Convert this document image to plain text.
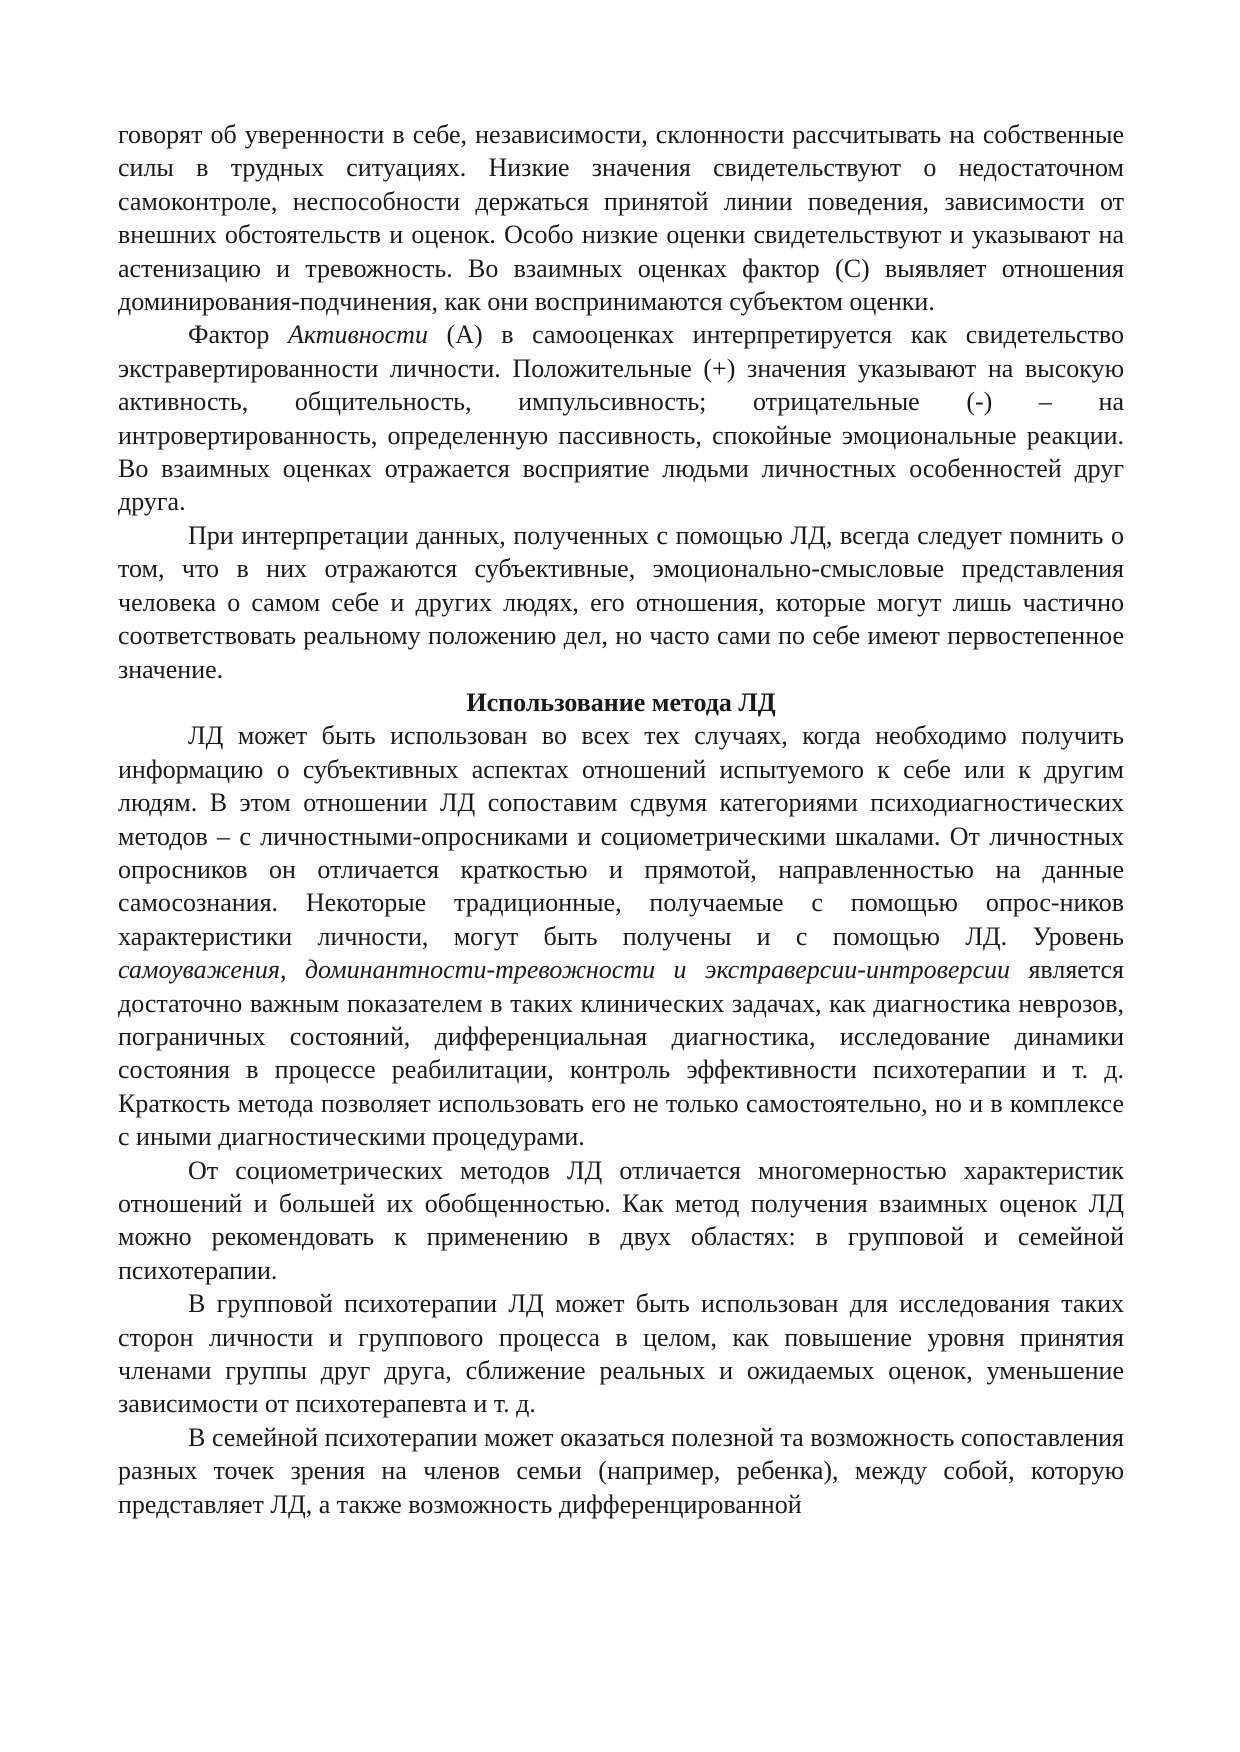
говорят об уверенности в себе, независимости, склонности рассчитывать на собственные силы в трудных ситуациях. Низкие значения свидетельствуют о недостаточном самоконтроле, неспособности держаться принятой линии поведения, зависимости от внешних обстоятельств и оценок. Особо низкие оценки свидетельствуют и указывают на астенизацию и тревожность. Во взаимных оценках фактор (С) выявляет отношения доминирования-подчинения, как они воспринимаются субъектом оценки.

Фактор Активности (А) в самооценках интерпретируется как свидетельство экстравертированности личности. Положительные (+) значения указывают на высокую активность, общительность, импульсивность; отрицательные (-) – на интровертированность, определенную пассивность, спокойные эмоциональные реакции. Во взаимных оценках отражается восприятие людьми личностных особенностей друг друга.

При интерпретации данных, полученных с помощью ЛД, всегда следует помнить о том, что в них отражаются субъективные, эмоционально-смысловые представления человека о самом себе и других людях, его отношения, которые могут лишь частично соответствовать реальному положению дел, но часто сами по себе имеют первостепенное значение.

Использование метода ЛД

ЛД может быть использован во всех тех случаях, когда необходимо получить информацию о субъективных аспектах отношений испытуемого к себе или к другим людям. В этом отношении ЛД сопоставим сдвумя категориями психодиагностических методов – с личностными-опросниками и социометрическими шкалами. От личностных опросников он отличается краткостью и прямотой, направленностью на данные самосознания. Некоторые традиционные, получаемые с помощью опрос-ников характеристики личности, могут быть получены и с помощью ЛД. Уровень самоуважения, доминантности-тревожности и экстраверсии-интроверсии является достаточно важным показателем в таких клинических задачах, как диагностика неврозов, пограничных состояний, дифференциальная диагностика, исследование динамики состояния в процессе реабилитации, контроль эффективности психотерапии и т. д. Краткость метода позволяет использовать его не только самостоятельно, но и в комплексе с иными диагностическими процедурами.

От социометрических методов ЛД отличается многомерностью характеристик отношений и большей их обобщенностью. Как метод получения взаимных оценок ЛД можно рекомендовать к применению в двух областях: в групповой и семейной психотерапии.

В групповой психотерапии ЛД может быть использован для исследования таких сторон личности и группового процесса в целом, как повышение уровня принятия членами группы друг друга, сближение реальных и ожидаемых оценок, уменьшение зависимости от психотерапевта и т. д.

В семейной психотерапии может оказаться полезной та возможность сопоставления разных точек зрения на членов семьи (например, ребенка), между собой, которую представляет ЛД, а также возможность дифференцированной
